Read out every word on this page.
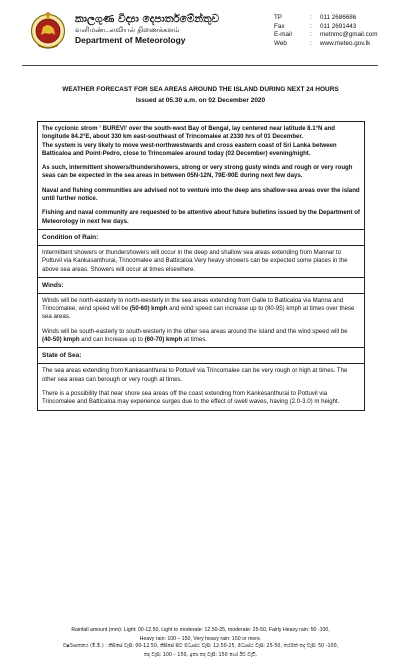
කාලගුණ විද්‍යා දෙපාර්තමේන්තුව
வளிமண்டலவியல் திணைக்களம்
Department of Meteorology
TP	:	011 2686686
Fax	:	011 2691443
E-mail	:	metnmc@gmail.com
Web	:	www.meteo.gov.lk
WEATHER FORECAST FOR SEA AREAS AROUND THE ISLAND DURING NEXT 24 HOURS
Issued at 05.30 a.m. on 02 December 2020

The cyclonic strom ‘ BUREVI’ over the south-west Bay of Bengal, lay centered near latitude 8.1°N and longitude 84.2°E, about 330 km east-southeast of Trincomalee at 2330 hrs of 01 December.

The system is very likely to move west-northwestwards and cross eastern coast of Sri Lanka between Batticaloa and Point-Pedro, close to Trincomalee around today (02 December) evening/night.

As such, intermittent showers/thundershowers, strong or very strong gusty winds and rough or very rough seas can be expected in the sea areas in between 05N-12N, 79E-90E during next few days.

Naval and fishing communities are advised not to venture into the deep ans shallow-sea areas over the island until further notice.

Fishing and naval community are requested to be attentive about future bulletins issued by the Department of Meteorology in next few days.

Condition of Rain:

Intermittent showers or thundershowers will occur in the deep and shallow sea areas extending from Mannar to Pottuvil via Kankasanthurai, Trincomalee and Batticaloa.Very heavy showers can be expected some places in the above sea areas. Showers will occur at times elsewhere.

Winds:

Winds will be north-easterly to north-westerly in the sea areas extending from Galle to Batticaloa via Manna and Trincomalee, wind speed will be (50-60) kmph and wind speed can increase up to (80-95) kmph at times over these sea areas.

Winds will be south-easterly to south-westerly in the other sea areas around the island and the wind speed will be (40-50) kmph and can increase up to (60-70) kmph at times.

State of Sea:

The sea areas extending from Kankasanthurai to Pottuvil via Trincomalee can be very rough or high at times. The other sea areas can berough or very rough at times.

There is a possibility that near shore sea areas off the coast extending from Kankesanthurai to Pottuvil via Trincomalee and Batticaloa may experience surges due to the effect of swell waves, having (2.0-3.0) m height.

Rainfall amount (mm): Light: 00-12.50, Light to moderate: 12.50-25, moderate: 25-50, Fairly Heavy rain: 50 -100,
Heavy rain: 100 – 150, Very heavy rain: 150 or more.
වර්ෂාපතනය (මි.මී.) : කිසිසේ වැසි: 00-12.50, කිසිසේ සිට මධ්‍යස්ථ වැසි: 12.50-25, මධ්‍යස්ථ වැසි: 25-50, තරමක් තද වැසි: 50 -100,
තද වැසි: 100 – 150, ඉතා තද වැසි: 150 හෝ ඊට වැඩි.
